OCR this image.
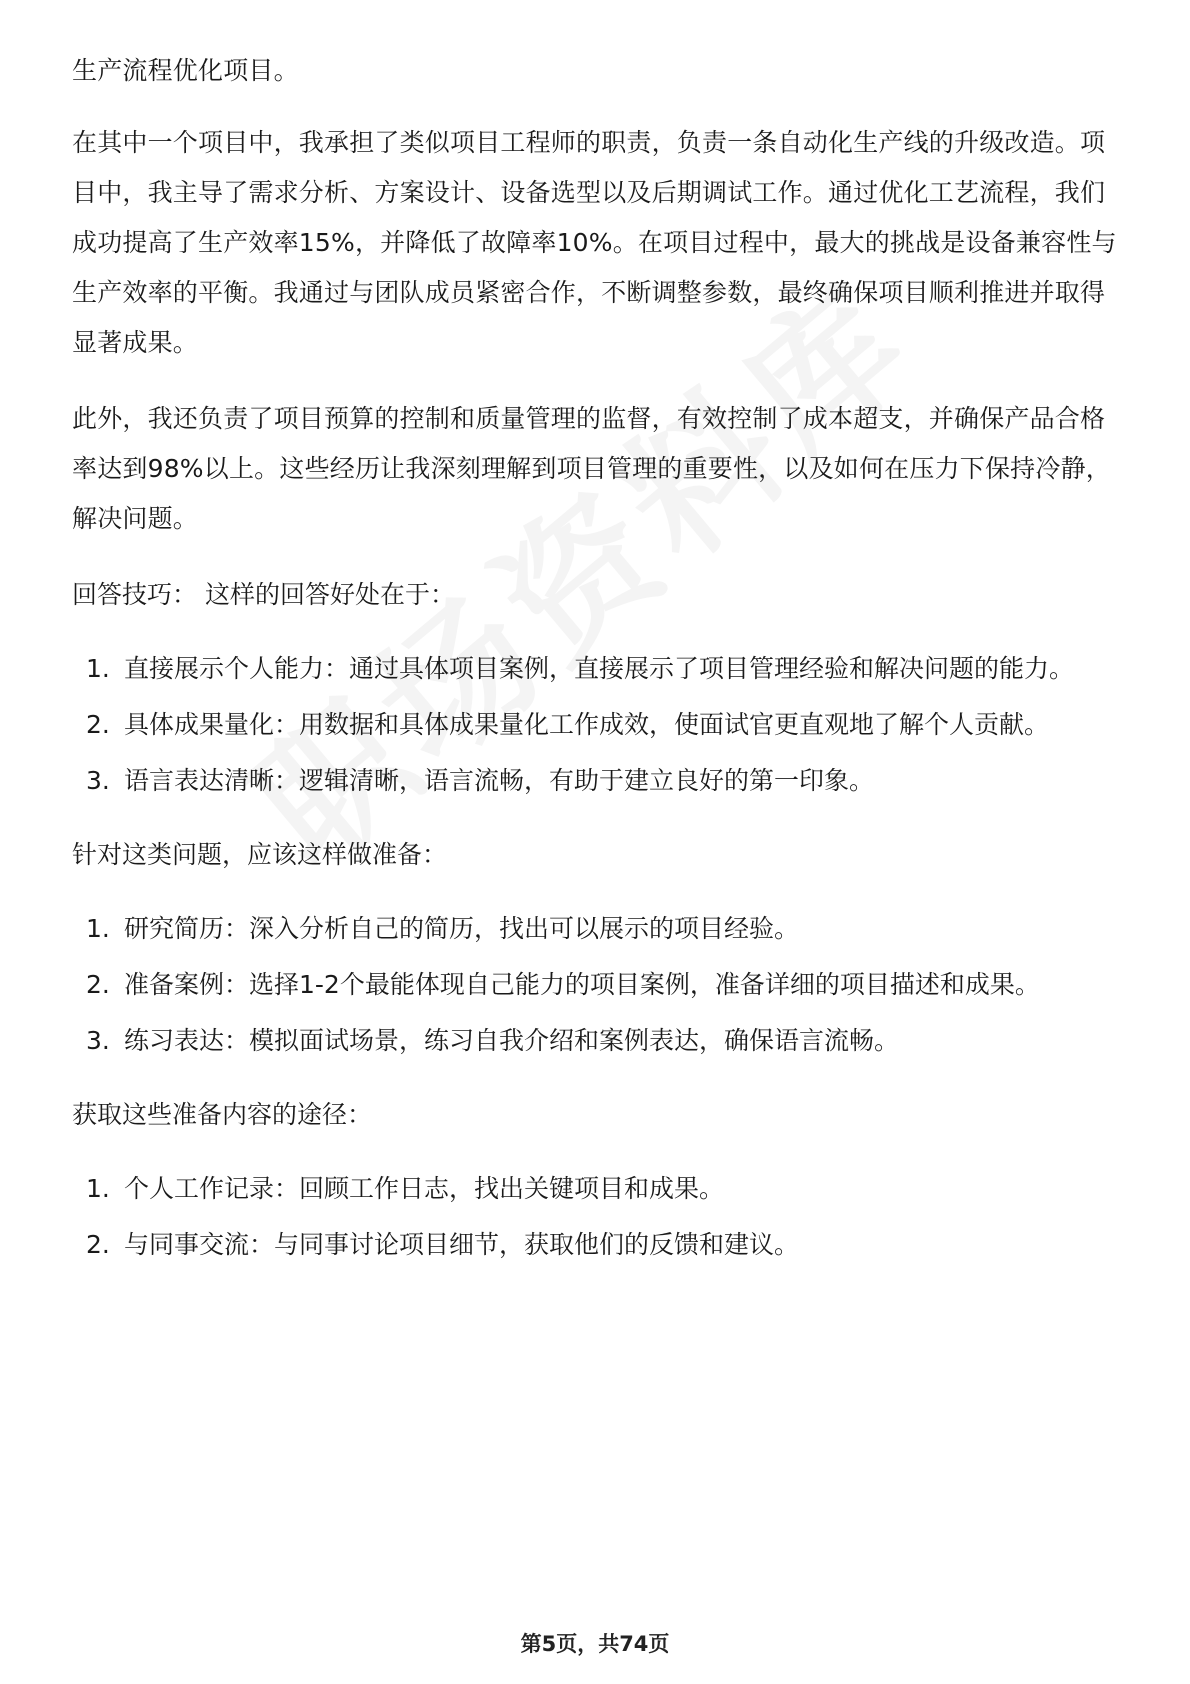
生产流程优化项目。

在其中一个项目中，我承担了类似项目工程师的职责，负责一条自动化生产线的升级改造。项目中，我主导了需求分析、方案设计、设备选型以及后期调试工作。通过优化工艺流程，我们成功提高了生产效率15%，并降低了故障率10%。在项目过程中，最大的挑战是设备兼容性与生产效率的平衡。我通过与团队成员紧密合作，不断调整参数，最终确保项目顺利推进并取得显著成果。

此外，我还负责了项目预算的控制和质量管理的监督，有效控制了成本超支，并确保产品合格率达到98%以上。这些经历让我深刻理解到项目管理的重要性，以及如何在压力下保持冷静，解决问题。

回答技巧： 这样的回答好处在于：
1. 直接展示个人能力：通过具体项目案例，直接展示了项目管理经验和解决问题的能力。
2. 具体成果量化：用数据和具体成果量化工作成效，使面试官更直观地了解个人贡献。
3. 语言表达清晰：逻辑清晰，语言流畅，有助于建立良好的第一印象。
针对这类问题，应该这样做准备：
1. 研究简历：深入分析自己的简历，找出可以展示的项目经验。
2. 准备案例：选择1-2个最能体现自己能力的项目案例，准备详细的项目描述和成果。
3. 练习表达：模拟面试场景，练习自我介绍和案例表达，确保语言流畅。
获取这些准备内容的途径：
1. 个人工作记录：回顾工作日志，找出关键项目和成果。
2. 与同事交流：与同事讨论项目细节，获取他们的反馈和建议。
第5页，共74页
